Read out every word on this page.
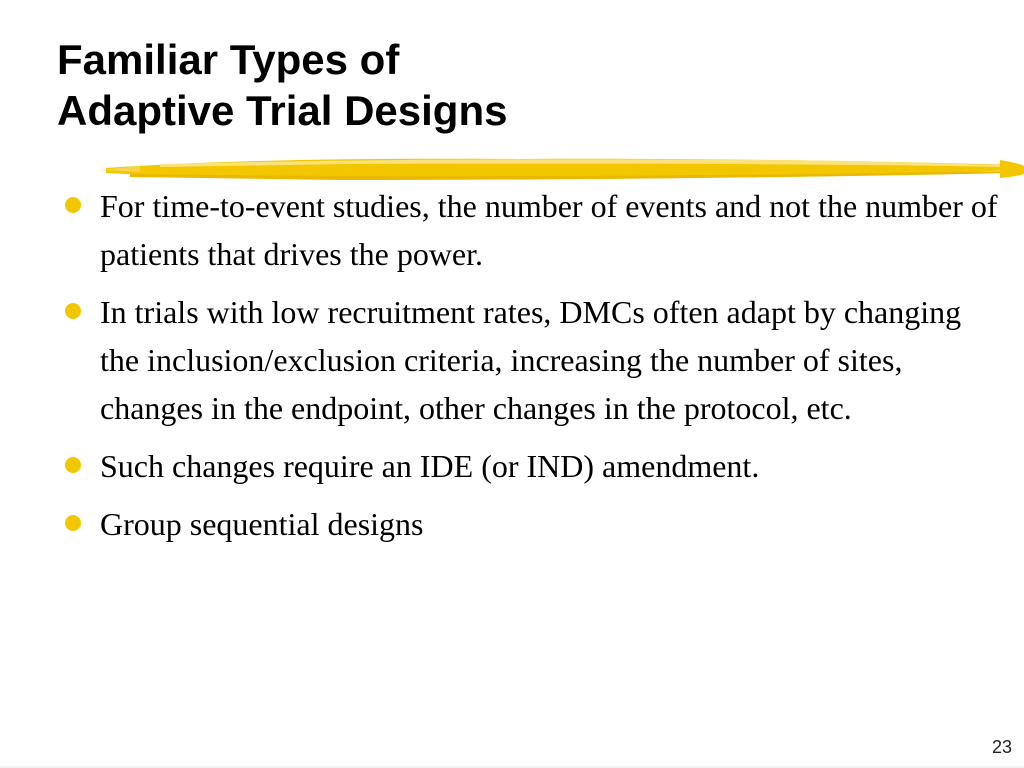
Familiar Types of
Adaptive Trial Designs
For time-to-event studies, the number of events and not the number of patients that drives the power.
In trials with low recruitment rates, DMCs often adapt by changing the inclusion/exclusion criteria, increasing the number of sites, changes in the endpoint, other changes in the protocol, etc.
Such changes require an IDE (or IND) amendment.
Group sequential designs
23
